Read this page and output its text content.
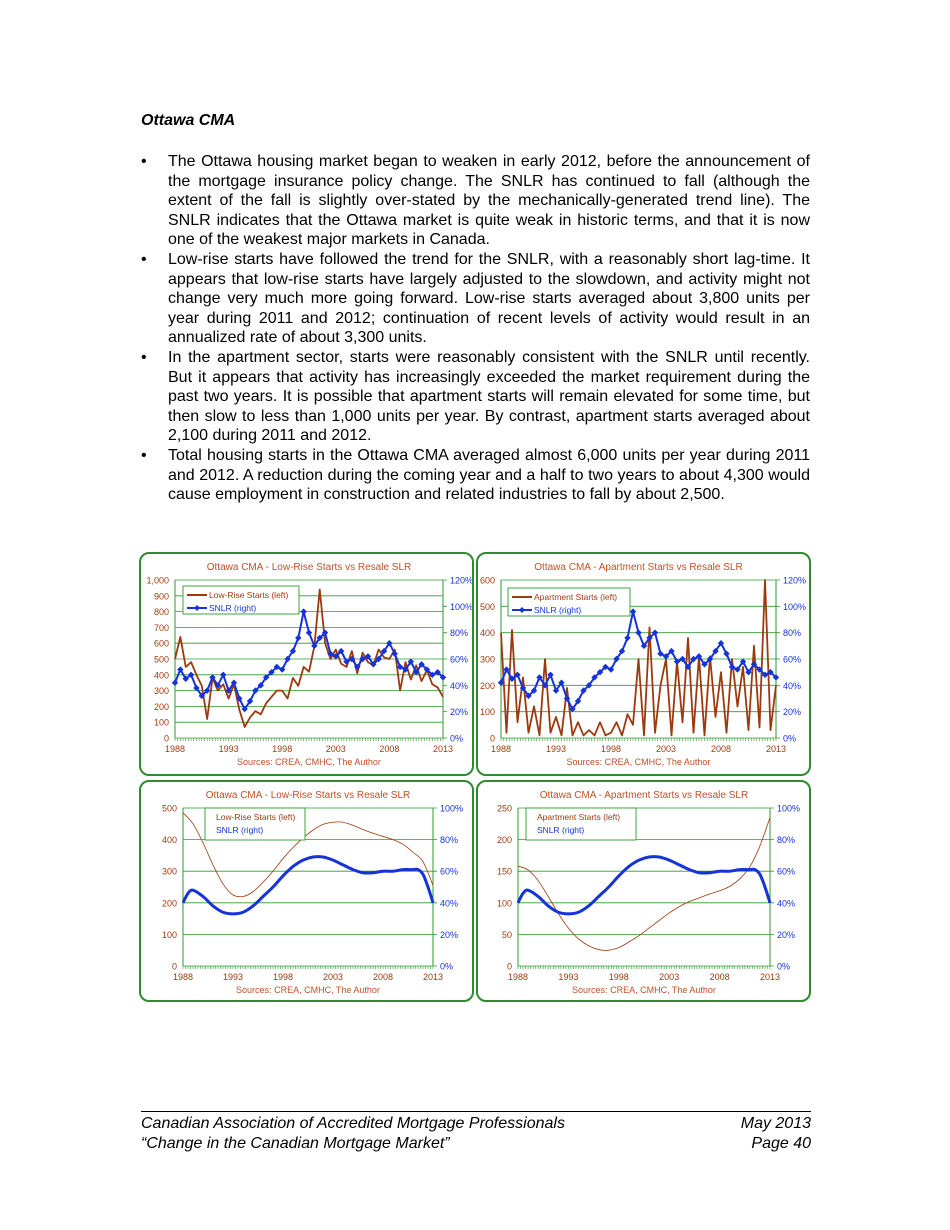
Ottawa CMA
• The Ottawa housing market began to weaken in early 2012, before the announcement of the mortgage insurance policy change. The SNLR has continued to fall (although the extent of the fall is slightly over-stated by the mechanically-generated trend line). The SNLR indicates that the Ottawa market is quite weak in historic terms, and that it is now one of the weakest major markets in Canada.
• Low-rise starts have followed the trend for the SNLR, with a reasonably short lag-time. It appears that low-rise starts have largely adjusted to the slowdown, and activity might not change very much more going forward. Low-rise starts averaged about 3,800 units per year during 2011 and 2012; continuation of recent levels of activity would result in an annualized rate of about 3,300 units.
• In the apartment sector, starts were reasonably consistent with the SNLR until recently. But it appears that activity has increasingly exceeded the market requirement during the past two years. It is possible that apartment starts will remain elevated for some time, but then slow to less than 1,000 units per year. By contrast, apartment starts averaged about 2,100 during 2011 and 2012.
• Total housing starts in the Ottawa CMA averaged almost 6,000 units per year during 2011 and 2012. A reduction during the coming year and a half to two years to about 4,300 would cause employment in construction and related industries to fall by about 2,500.
Ottawa CMA - Low-Rise Starts vs Resale SLR
0
100
200
300
400
500
600
700
800
900
1,000
0%
20%
40%
60%
80%
100%
120%
1988	1993	1998	2003	2008	2013
Low-Rise Starts (left)
SNLR (right)
Sources: CREA, CMHC, The Author
Ottawa CMA - Apartment Starts vs Resale SLR
0
100
200
300
400
500
600
0%
20%
40%
60%
80%
100%
120%
1988	1993	1998	2003	2008	2013
Apartment Starts (left)
SNLR (right)
Sources: CREA, CMHC, The Author
Ottawa CMA - Low-Rise Starts vs Resale SLR
0
100
200
300
400
500
0%
20%
40%
60%
80%
100%
1988	1993	1998	2003	2008	2013
Low-Rise Starts (left)
SNLR (right)
Sources: CREA, CMHC, The Author
Ottawa CMA - Apartment Starts vs Resale SLR
0
50
100
150
200
250
0%
20%
40%
60%
80%
100%
1988	1993	1998	2003	2008	2013
Apartment Starts (left)
SNLR (right)
Sources: CREA, CMHC, The Author
Canadian Association of Accredited Mortgage Professionals
“Change in the Canadian Mortgage Market”
May 2013
Page 40
